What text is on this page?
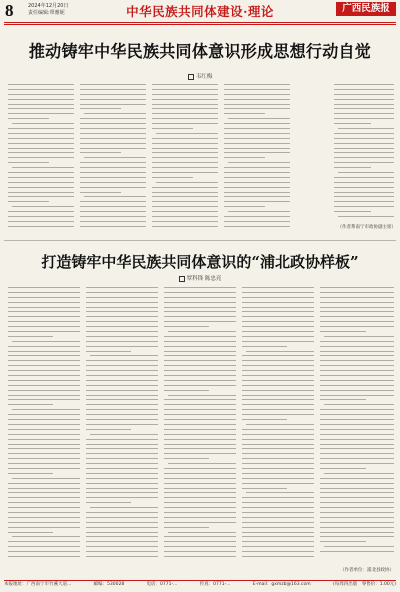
8	2024年12月20日
责任编辑:覃雅妮	中华民族共同体建设·理论	广西民族报
推动铸牢中华民族共同体意识形成思想行动自觉
韦红梅
（作者系南宁市政协副主席）
打造铸牢中华民族共同体意识的“浦北政协样板”
覃科锋 陈忠亮
（作者单位：浦北县政协）
本报地址：广西南宁市竹溪大道...	邮编：530028	电话：0771-...	传真：0771-...	E-mail：gxmzb@163.com	(每周四出版　零售价：1.00元)
